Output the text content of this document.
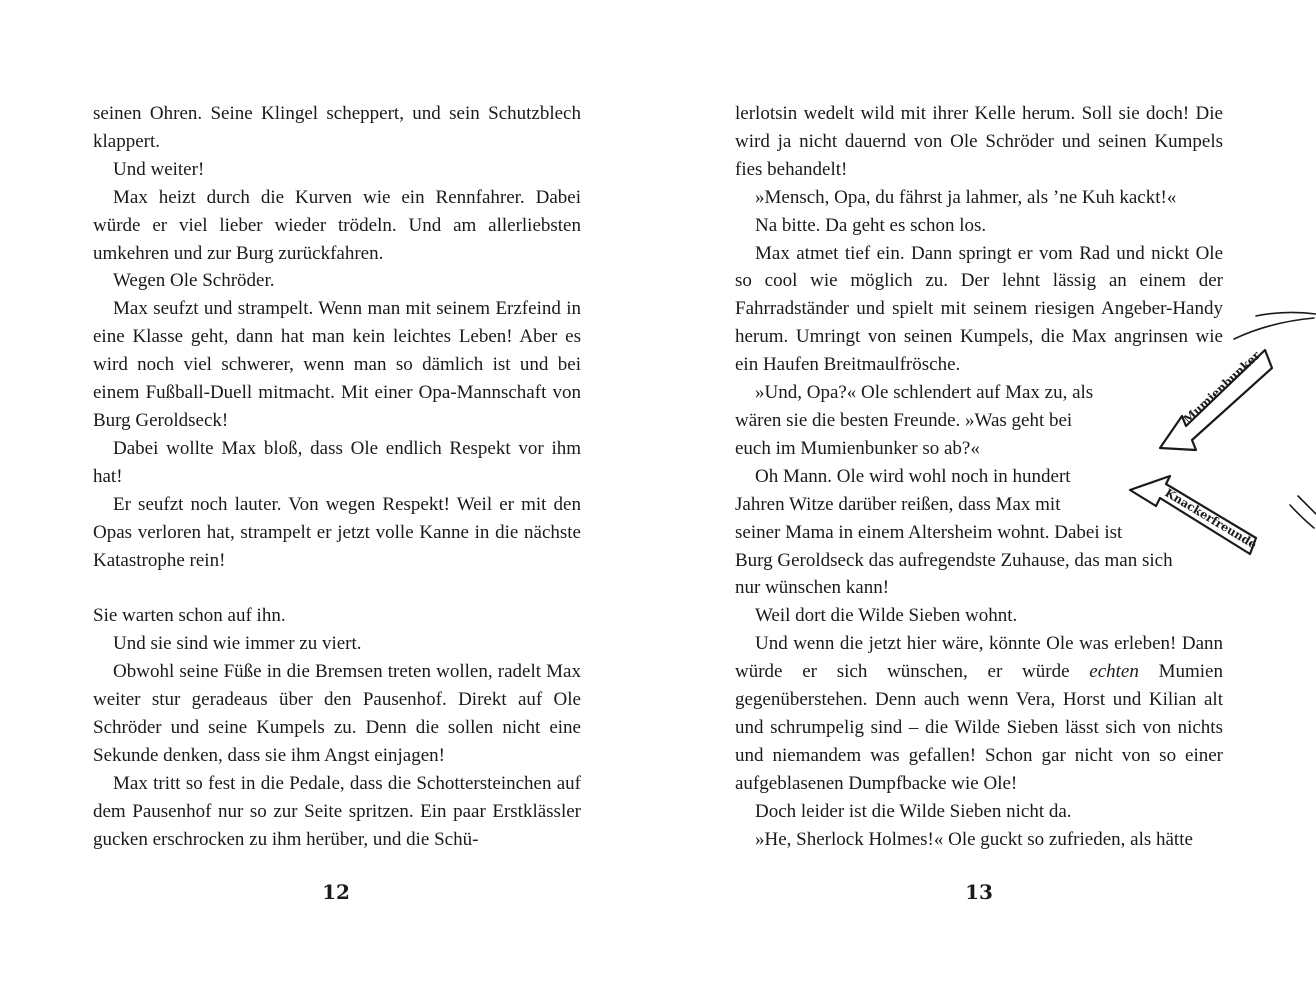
seinen Ohren. Seine Klingel scheppert, und sein Schutzblech klappert.

Und weiter!

Max heizt durch die Kurven wie ein Rennfahrer. Dabei würde er viel lieber wieder trödeln. Und am allerliebsten umkehren und zur Burg zurückfahren.

Wegen Ole Schröder.

Max seufzt und strampelt. Wenn man mit seinem Erzfeind in eine Klasse geht, dann hat man kein leichtes Leben! Aber es wird noch viel schwerer, wenn man so dämlich ist und bei einem Fußball-Duell mitmacht. Mit einer Opa-Mannschaft von Burg Geroldseck!

Dabei wollte Max bloß, dass Ole endlich Respekt vor ihm hat!

Er seufzt noch lauter. Von wegen Respekt! Weil er mit den Opas verloren hat, strampelt er jetzt volle Kanne in die nächste Katastrophe rein!

Sie warten schon auf ihn.

Und sie sind wie immer zu viert.

Obwohl seine Füße in die Bremsen treten wollen, radelt Max weiter stur geradeaus über den Pausenhof. Direkt auf Ole Schröder und seine Kumpels zu. Denn die sollen nicht eine Sekunde denken, dass sie ihm Angst einjagen!

Max tritt so fest in die Pedale, dass die Schottersteinchen auf dem Pausenhof nur so zur Seite spritzen. Ein paar Erstklässler gucken erschrocken zu ihm herüber, und die Schü-

12

lerlotsin wedelt wild mit ihrer Kelle herum. Soll sie doch! Die wird ja nicht dauernd von Ole Schröder und seinen Kumpels fies behandelt!

»Mensch, Opa, du fährst ja lahmer, als ’ne Kuh kackt!«

Na bitte. Da geht es schon los.

Max atmet tief ein. Dann springt er vom Rad und nickt Ole so cool wie möglich zu. Der lehnt lässig an einem der Fahrradständer und spielt mit seinem riesigen Angeber-Handy herum. Umringt von seinen Kumpels, die Max angrinsen wie ein Haufen Breitmaulfrösche.

»Und, Opa?« Ole schlendert auf Max zu, als
wären sie die besten Freunde. »Was geht bei
euch im Mumienbunker so ab?«

Oh Mann. Ole wird wohl noch in hundert
Jahren Witze darüber reißen, dass Max mit
seiner Mama in einem Altersheim wohnt. Dabei ist
Burg Geroldseck das aufregendste Zuhause, das man sich
nur wünschen kann!

Weil dort die Wilde Sieben wohnt.

Und wenn die jetzt hier wäre, könnte Ole was erleben! Dann würde er sich wünschen, er würde echten Mumien gegenüberstehen. Denn auch wenn Vera, Horst und Kilian alt und schrumpelig sind – die Wilde Sieben lässt sich von nichts und niemandem was gefallen! Schon gar nicht von so einer aufgeblasenen Dumpfbacke wie Ole!

Doch leider ist die Wilde Sieben nicht da.

»He, Sherlock Holmes!« Ole guckt so zufrieden, als hätte

13
Mumienbunker
Knackerfreunde
